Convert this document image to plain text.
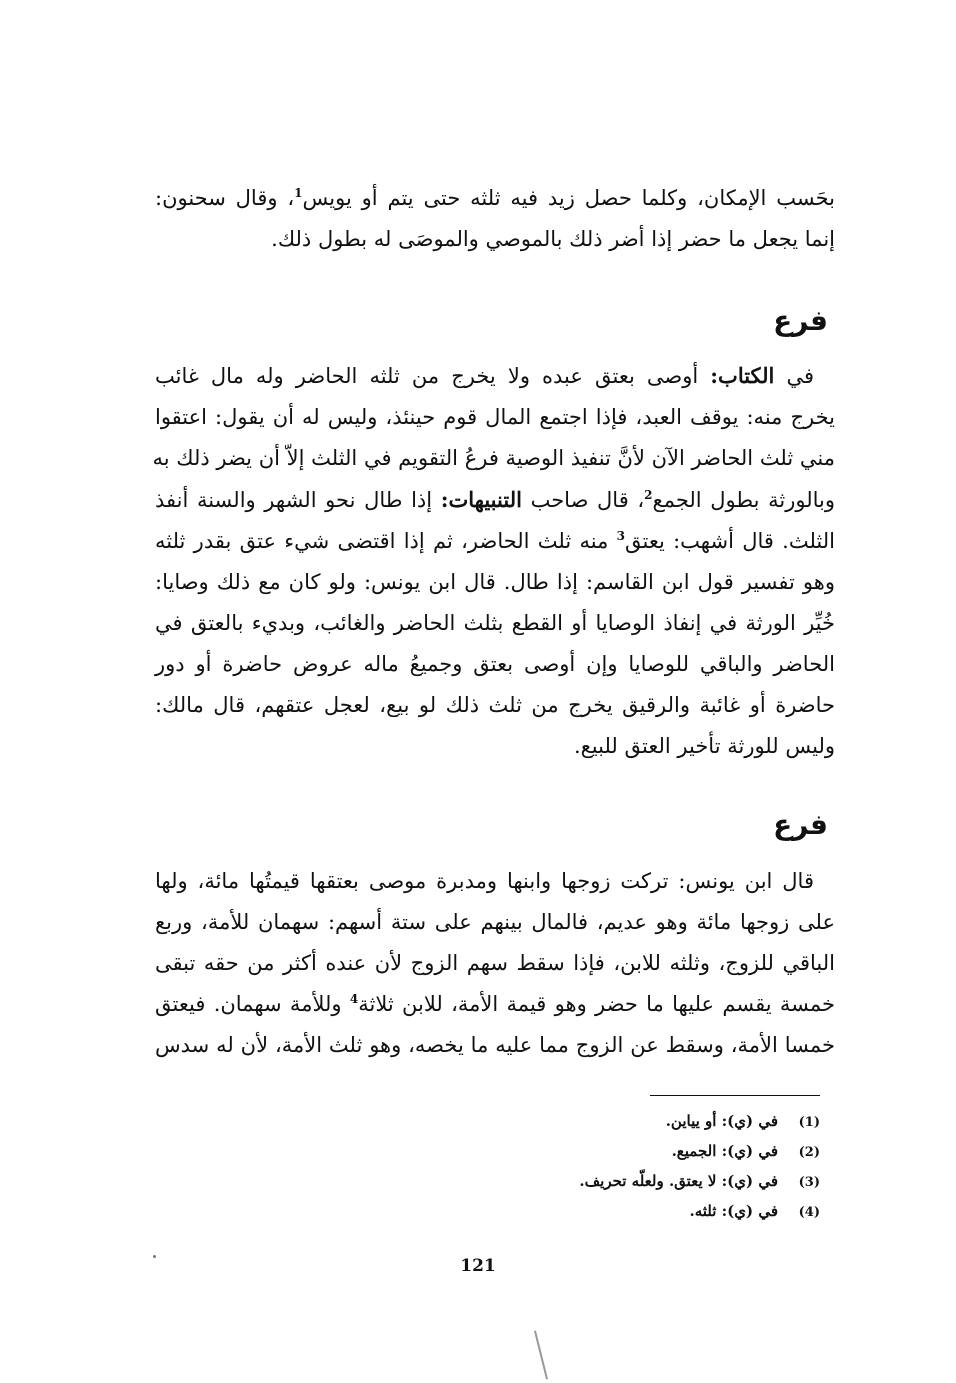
بحَسب الإمكان، وكلما حصل زيد فيه ثلثه حتى يتم أو يويس$^1$، وقال سحنون:
إنما يجعل ما حضر إذا أضر ذلك بالموصي والموصَى له بطول ذلك.
فرع
 في الكتاب: أوصى بعتق عبده ولا يخرج من ثلثه الحاضر وله مال غائب
يخرج منه: يوقف العبد، فإذا اجتمع المال قوم حينئذ، وليس له أن يقول: اعتقوا
مني ثلث الحاضر الآن لأنَّ تنفيذ الوصية فرعُ التقويم في الثلث إلاّ أن يضر ذلك به
وبالورثة بطول الجمع$^2$، قال صاحب التنبيهات: إذا طال نحو الشهر والسنة أنفذ
الثلث. قال أشهب: يعتق$^3$ منه ثلث الحاضر، ثم إذا اقتضى شيء عتق بقدر ثلثه
وهو تفسير قول ابن القاسم: إذا طال. قال ابن يونس: ولو كان مع ذلك وصايا:
خُيِّر الورثة في إنفاذ الوصايا أو القطع بثلث الحاضر والغائب، وبديء بالعتق في
الحاضر والباقي للوصايا وإن أوصى بعتق وجميعُ ماله عروض حاضرة أو دور
حاضرة أو غائبة والرقيق يخرج من ثلث ذلك لو بيع، لعجل عتقهم، قال مالك:
وليس للورثة تأخير العتق للبيع.
فرع
 قال ابن يونس: تركت زوجها وابنها ومدبرة موصى بعتقها قيمتُها مائة، ولها
على زوجها مائة وهو عديم، فالمال بينهم على ستة أسهم: سهمان للأمة، وربع
الباقي للزوج، وثلثه للابن، فإذا سقط سهم الزوج لأن عنده أكثر من حقه تبقى
خمسة يقسم عليها ما حضر وهو قيمة الأمة، للابن ثلاثة$^4$ وللأمة سهمان. فيعتق
خمسا الأمة، وسقط عن الزوج مما عليه ما يخصه، وهو ثلث الأمة، لأن له سدس
(1)في (ي): أو يياين.
(2)في (ي): الجميع.
(3)في (ي): لا يعتق. ولعلّه تحريف.
(4)في (ي): ثلثه.
121
